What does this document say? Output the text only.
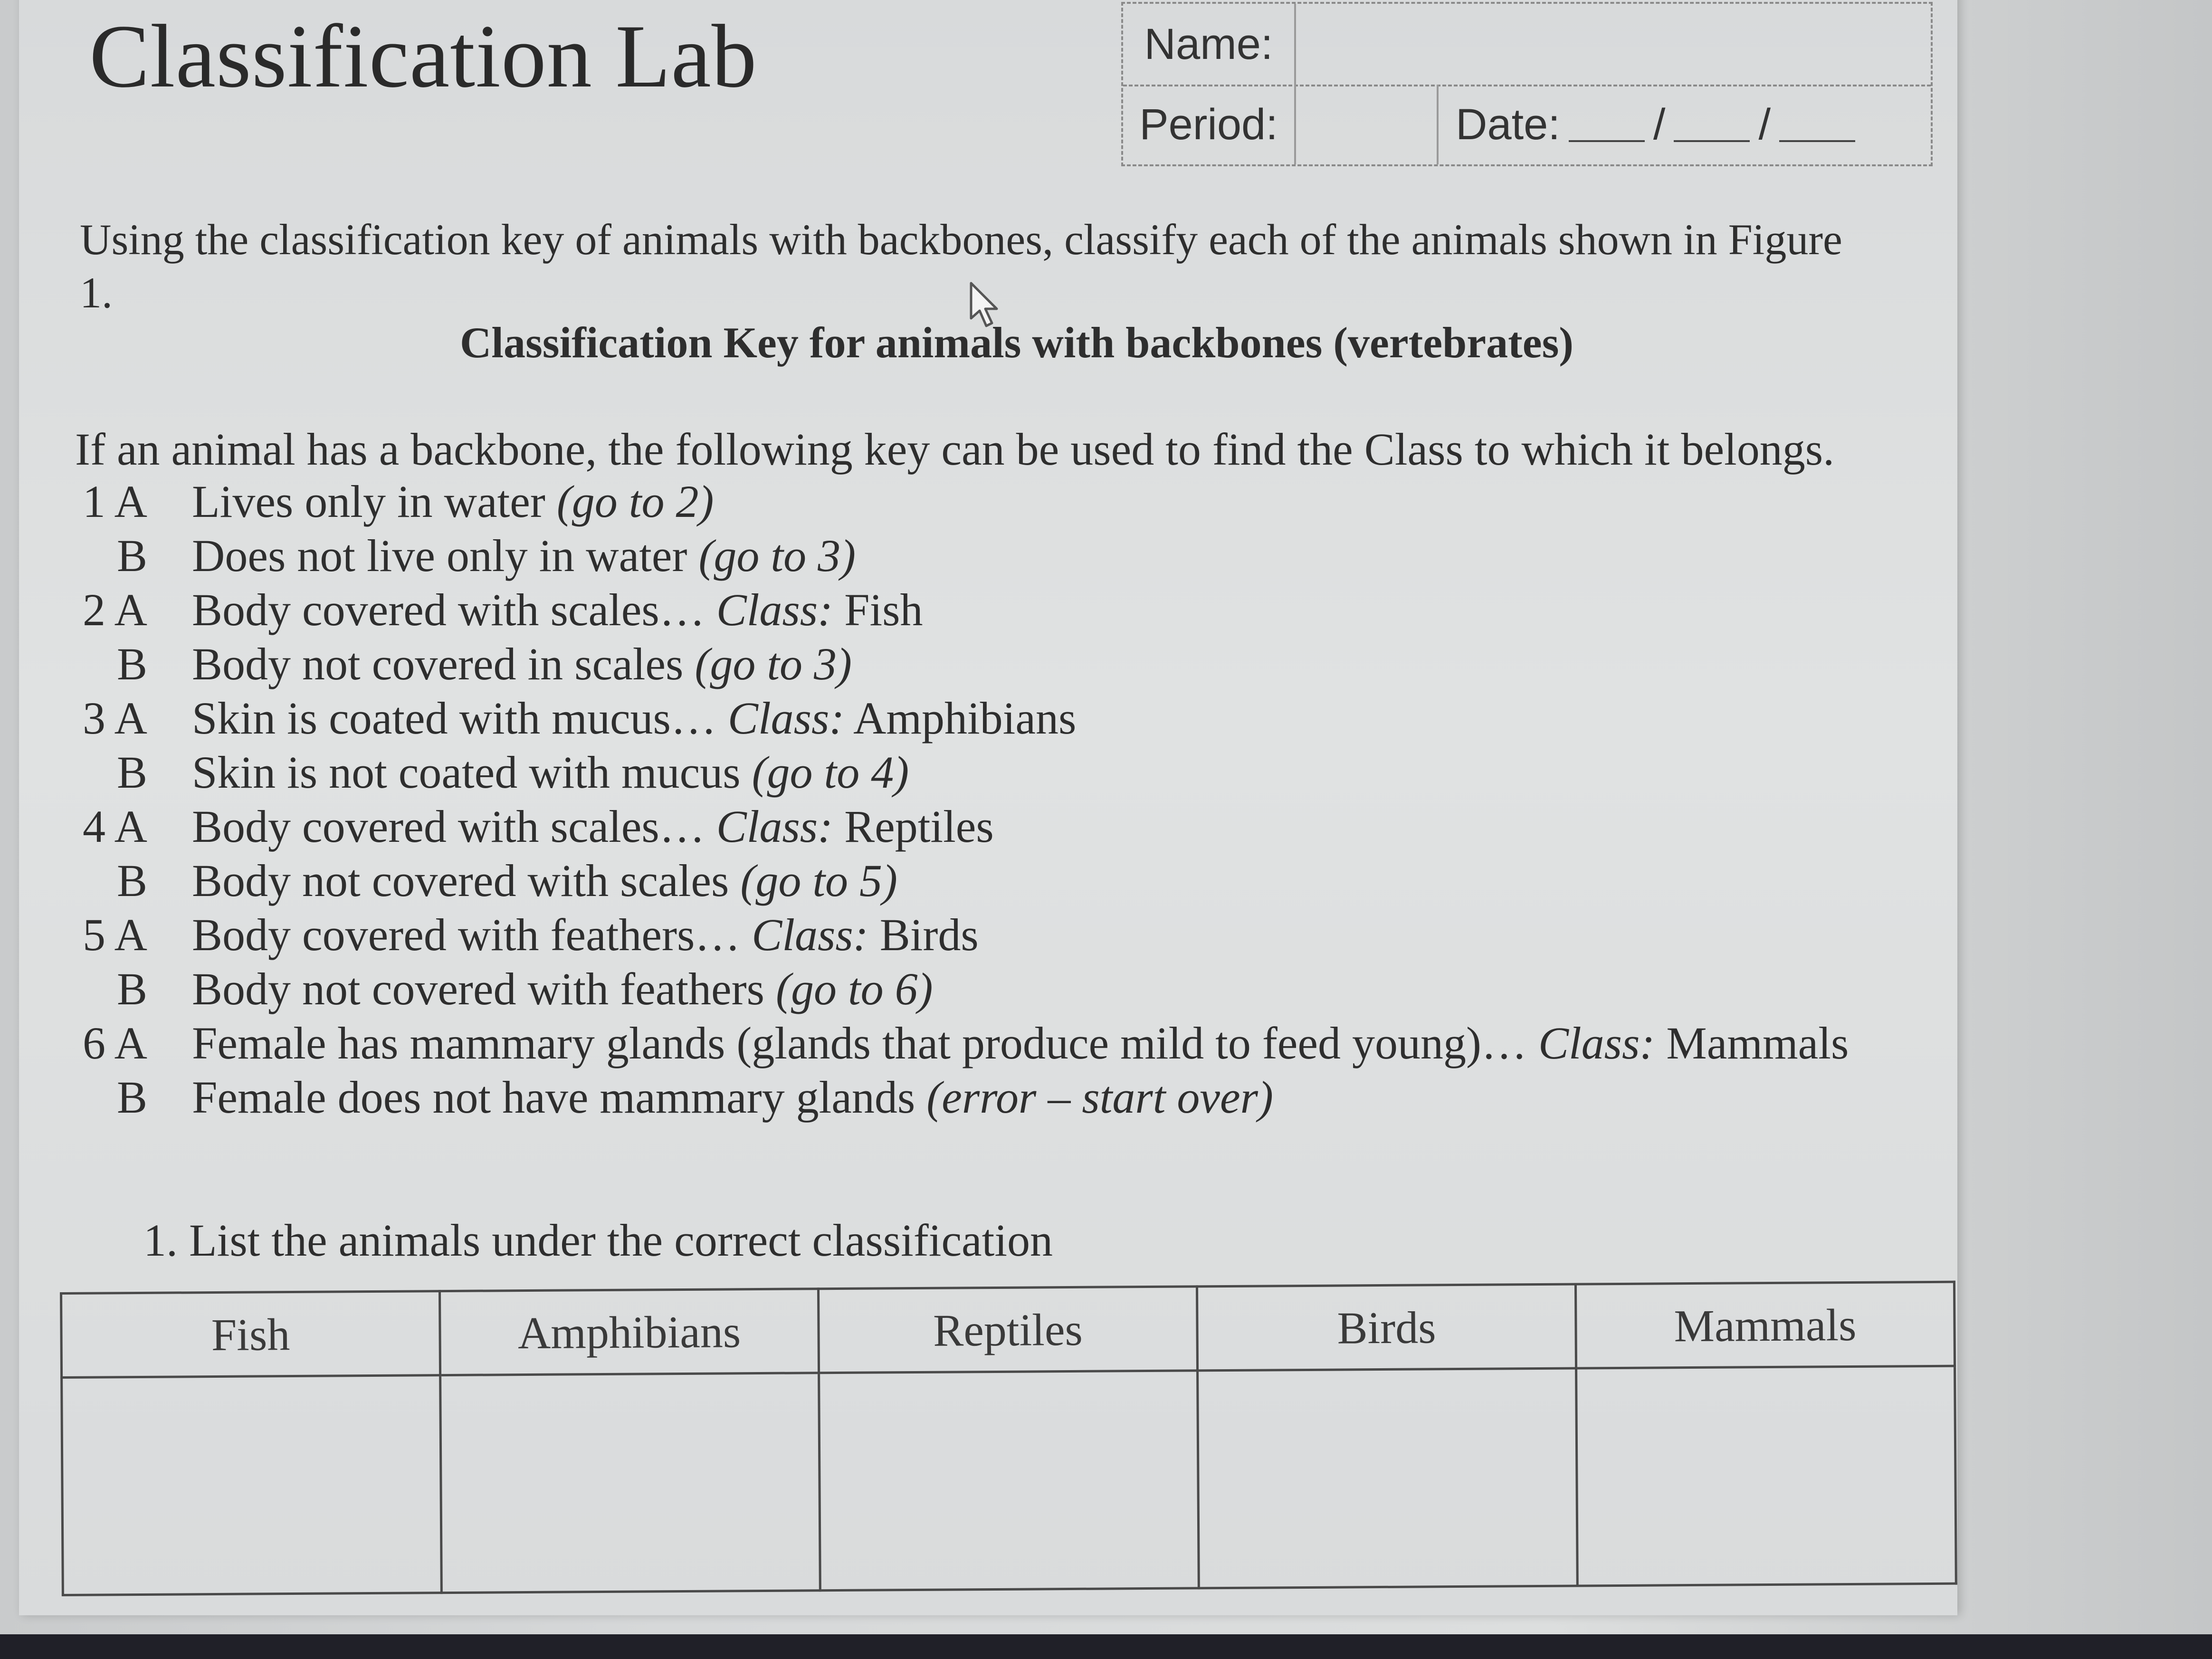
Classification Lab	Name:
Period:	Date: / /
Using the classification key of animals with backbones, classify each of the animals shown in Figure 1.
Classification Key for animals with backbones (vertebrates)
If an animal has a backbone, the following key can be used to find the Class to which it belongs.
1 A Lives only in water (go to 2)
B Does not live only in water (go to 3)
2 A Body covered with scales… Class: Fish
B Body not covered in scales (go to 3)
3 A Skin is coated with mucus… Class: Amphibians
B Skin is not coated with mucus (go to 4)
4 A Body covered with scales… Class: Reptiles
B Body not covered with scales (go to 5)
5 A Body covered with feathers… Class: Birds
B Body not covered with feathers (go to 6)
6 A Female has mammary glands (glands that produce mild to feed young)… Class: Mammals
B Female does not have mammary glands (error – start over)
1. List the animals under the correct classification
Fish	Amphibians	Reptiles	Birds	Mammals
